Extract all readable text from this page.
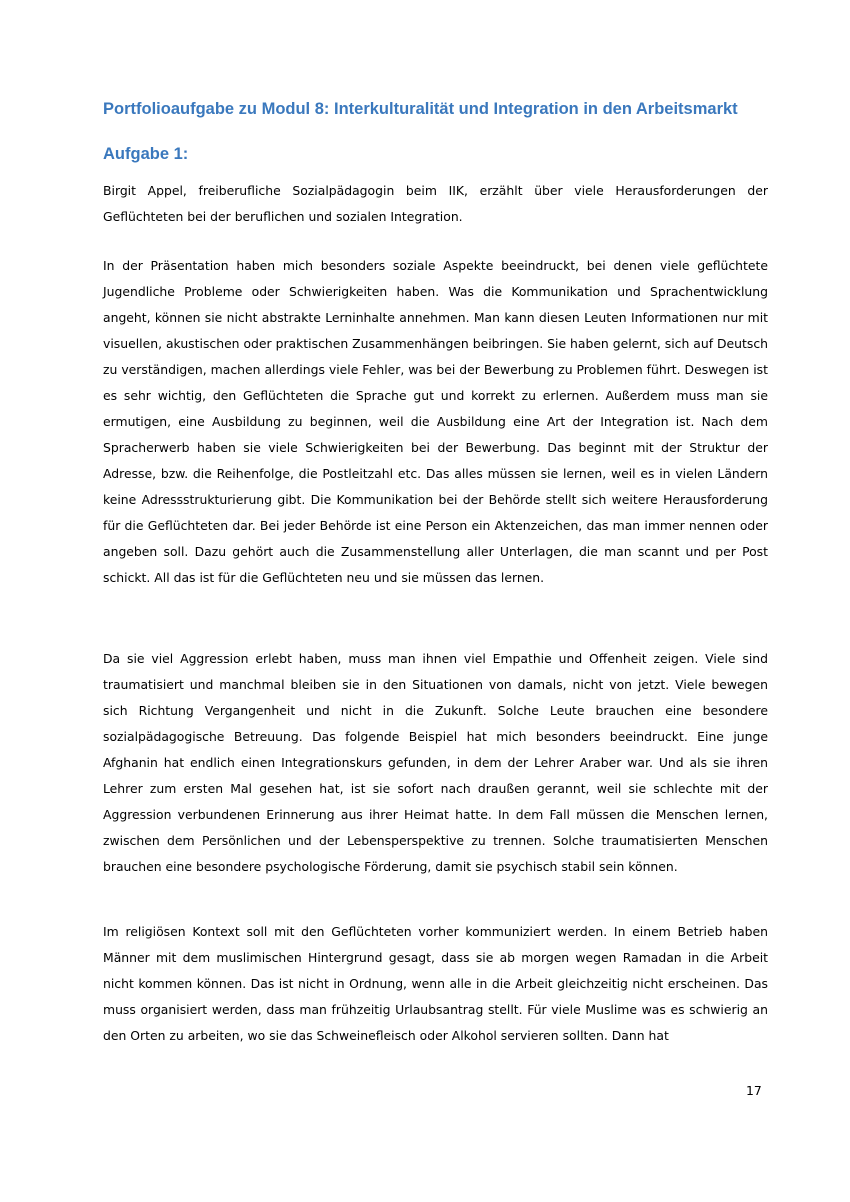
Portfolioaufgabe zu Modul 8: Interkulturalität und Integration in den Arbeitsmarkt
Aufgabe 1:

Birgit Appel, freiberufliche Sozialpädagogin beim IIK, erzählt über viele Herausforderungen der Geflüchteten bei der beruflichen und sozialen Integration.

In der Präsentation haben mich besonders soziale Aspekte beeindruckt, bei denen viele geflüchtete Jugendliche Probleme oder Schwierigkeiten haben. Was die Kommunikation und Sprachentwicklung angeht, können sie nicht abstrakte Lerninhalte annehmen. Man kann diesen Leuten Informationen nur mit visuellen, akustischen oder praktischen Zusammenhängen beibringen. Sie haben gelernt, sich auf Deutsch zu verständigen, machen allerdings viele Fehler, was bei der Bewerbung zu Problemen führt. Deswegen ist es sehr wichtig, den Geflüchteten die Sprache gut und korrekt zu erlernen. Außerdem muss man sie ermutigen, eine Ausbildung zu beginnen, weil die Ausbildung eine Art der Integration ist. Nach dem Spracherwerb haben sie viele Schwierigkeiten bei der Bewerbung. Das beginnt mit der Struktur der Adresse, bzw. die Reihenfolge, die Postleitzahl etc. Das alles müssen sie lernen, weil es in vielen Ländern keine Adressstrukturierung gibt. Die Kommunikation bei der Behörde stellt sich weitere Herausforderung für die Geflüchteten dar. Bei jeder Behörde ist eine Person ein Aktenzeichen, das man immer nennen oder angeben soll. Dazu gehört auch die Zusammenstellung aller Unterlagen, die man scannt und per Post schickt. All das ist für die Geflüchteten neu und sie müssen das lernen.

Da sie viel Aggression erlebt haben, muss man ihnen viel Empathie und Offenheit zeigen. Viele sind traumatisiert und manchmal bleiben sie in den Situationen von damals, nicht von jetzt. Viele bewegen sich Richtung Vergangenheit und nicht in die Zukunft. Solche Leute brauchen eine besondere sozialpädagogische Betreuung. Das folgende Beispiel hat mich besonders beeindruckt. Eine junge Afghanin hat endlich einen Integrationskurs gefunden, in dem der Lehrer Araber war. Und als sie ihren Lehrer zum ersten Mal gesehen hat, ist sie sofort nach draußen gerannt, weil sie schlechte mit der Aggression verbundenen Erinnerung aus ihrer Heimat hatte. In dem Fall müssen die Menschen lernen, zwischen dem Persönlichen und der Lebensperspektive zu trennen. Solche traumatisierten Menschen brauchen eine besondere psychologische Förderung, damit sie psychisch stabil sein können.

Im religiösen Kontext soll mit den Geflüchteten vorher kommuniziert werden. In einem Betrieb haben Männer mit dem muslimischen Hintergrund gesagt, dass sie ab morgen wegen Ramadan in die Arbeit nicht kommen können. Das ist nicht in Ordnung, wenn alle in die Arbeit gleichzeitig nicht erscheinen. Das muss organisiert werden, dass man frühzeitig Urlaubsantrag stellt. Für viele Muslime was es schwierig an den Orten zu arbeiten, wo sie das Schweinefleisch oder Alkohol servieren sollten. Dann hat

17
